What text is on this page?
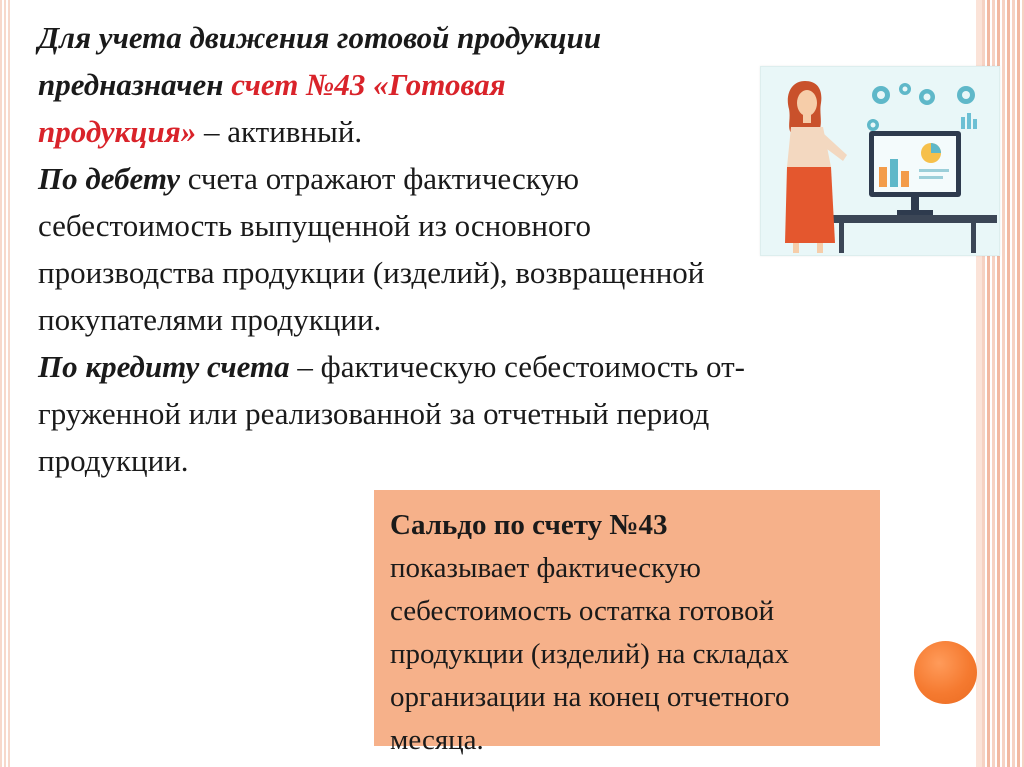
Для учета движения готовой продукции
предназначен счет №43 «Готовая
продукция» – активный.
По дебету счета отражают фактическую
себестоимость выпущенной из основного
производства продукции (изделий), возвращенной
покупателями продукции.
По кредиту счета – фактическую себестоимость от-
груженной или реализованной за отчетный период
продукции.
Сальдо по счету №43
показывает фактическую
себестоимость остатка готовой
продукции (изделий) на складах
организации на конец отчетного
месяца.
